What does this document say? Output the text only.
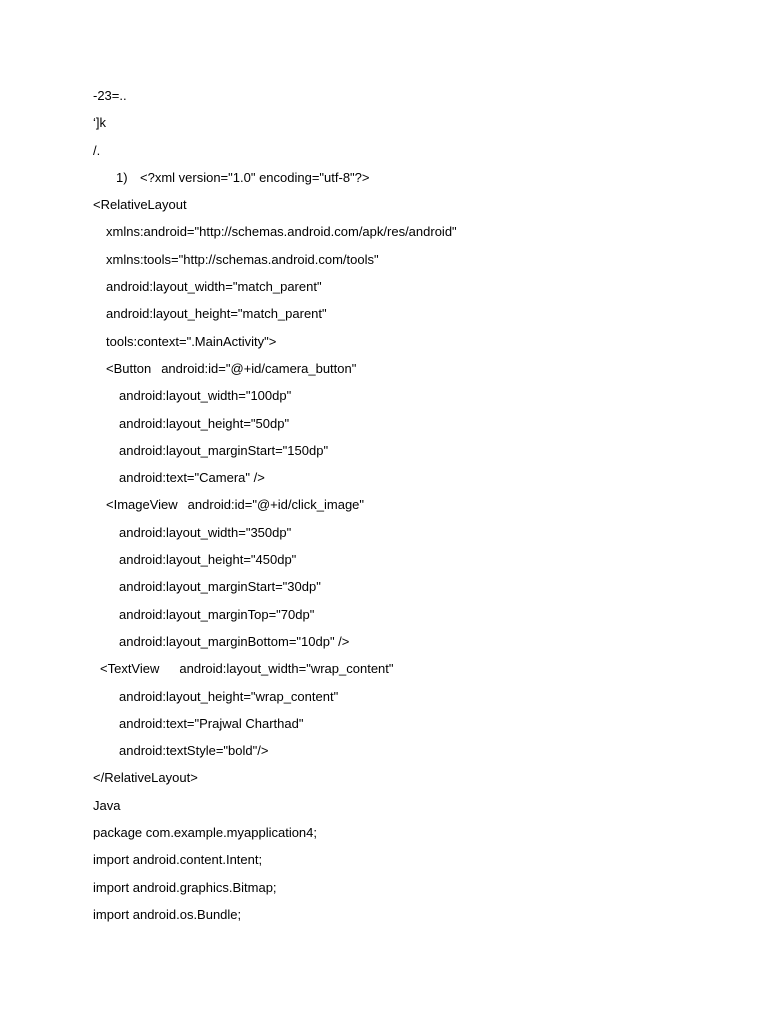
-23=..
‘]k
/.
1) <?xml version="1.0" encoding="utf-8"?>
<RelativeLayout
xmlns:android="http://schemas.android.com/apk/res/android"
xmlns:tools="http://schemas.android.com/tools"
android:layout_width="match_parent"
android:layout_height="match_parent"
tools:context=".MainActivity">
<Button android:id="@+id/camera_button"
android:layout_width="100dp"
android:layout_height="50dp"
android:layout_marginStart="150dp"
android:text="Camera" />
<ImageView android:id="@+id/click_image"
android:layout_width="350dp"
android:layout_height="450dp"
android:layout_marginStart="30dp"
android:layout_marginTop="70dp"
android:layout_marginBottom="10dp" />
<TextView android:layout_width="wrap_content"
android:layout_height="wrap_content"
android:text="Prajwal Charthad"
android:textStyle="bold"/>
</RelativeLayout>
Java
package com.example.myapplication4;
import android.content.Intent;
import android.graphics.Bitmap;
import android.os.Bundle;
